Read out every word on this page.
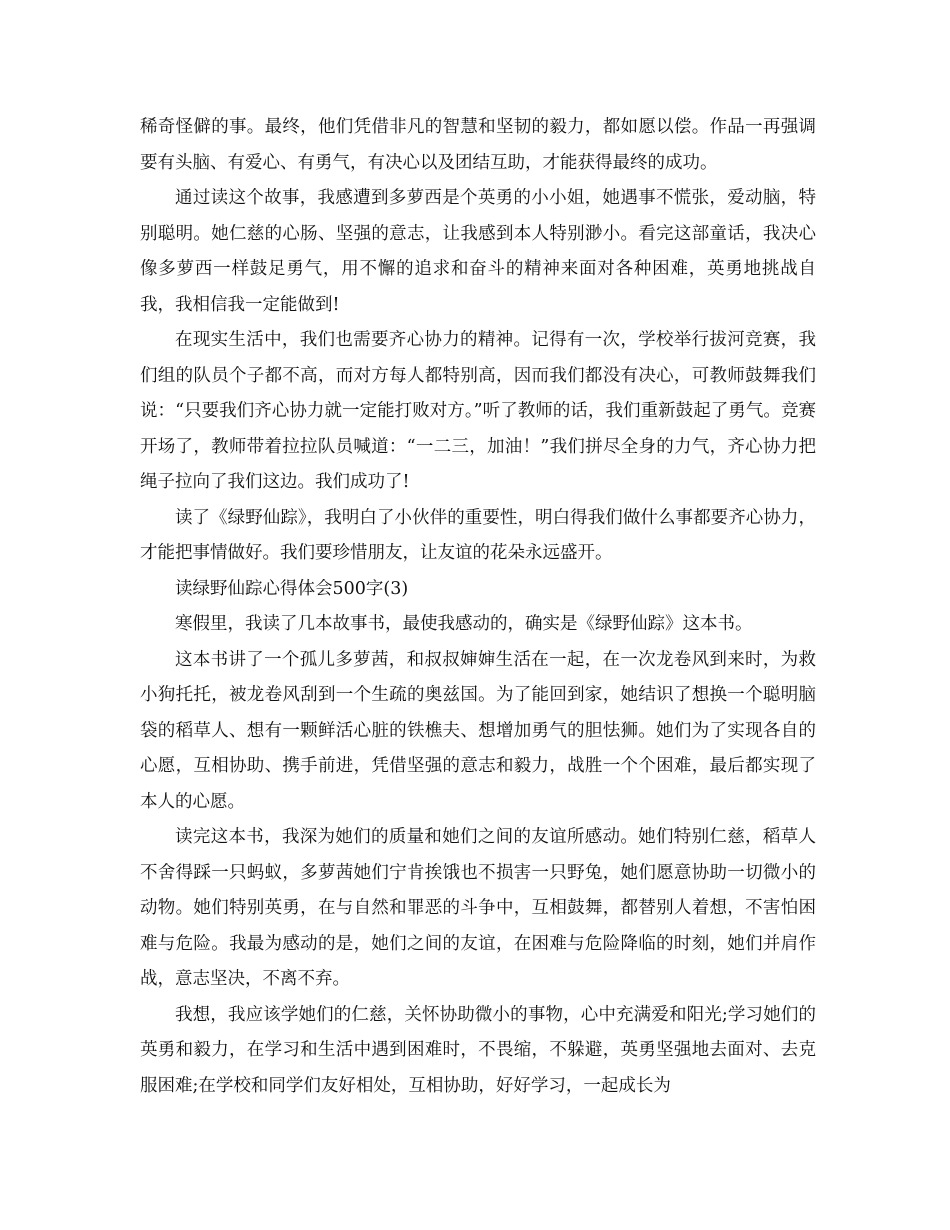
稀奇怪僻的事。最终，他们凭借非凡的智慧和坚韧的毅力，都如愿以偿。作品一再强调要有头脑、有爱心、有勇气，有决心以及团结互助，才能获得最终的成功。

通过读这个故事，我感遭到多萝西是个英勇的小小姐，她遇事不慌张，爱动脑，特别聪明。她仁慈的心肠、坚强的意志，让我感到本人特别渺小。看完这部童话，我决心像多萝西一样鼓足勇气，用不懈的追求和奋斗的精神来面对各种困难，英勇地挑战自我，我相信我一定能做到!

在现实生活中，我们也需要齐心协力的精神。记得有一次，学校举行拔河竞赛，我们组的队员个子都不高，而对方每人都特别高，因而我们都没有决心，可教师鼓舞我们说：“只要我们齐心协力就一定能打败对方。”听了教师的话，我们重新鼓起了勇气。竞赛开场了，教师带着拉拉队员喊道：“一二三，加油！”我们拼尽全身的力气，齐心协力把绳子拉向了我们这边。我们成功了!

读了《绿野仙踪》，我明白了小伙伴的重要性，明白得我们做什么事都要齐心协力，才能把事情做好。我们要珍惜朋友，让友谊的花朵永远盛开。

读绿野仙踪心得体会500字(3)

寒假里，我读了几本故事书，最使我感动的，确实是《绿野仙踪》这本书。

这本书讲了一个孤儿多萝茜，和叔叔婶婶生活在一起，在一次龙卷风到来时，为救小狗托托，被龙卷风刮到一个生疏的奥兹国。为了能回到家，她结识了想换一个聪明脑袋的稻草人、想有一颗鲜活心脏的铁樵夫、想增加勇气的胆怯狮。她们为了实现各自的心愿，互相协助、携手前进，凭借坚强的意志和毅力，战胜一个个困难，最后都实现了本人的心愿。

读完这本书，我深为她们的质量和她们之间的友谊所感动。她们特别仁慈，稻草人不舍得踩一只蚂蚁，多萝茜她们宁肯挨饿也不损害一只野兔，她们愿意协助一切微小的动物。她们特别英勇，在与自然和罪恶的斗争中，互相鼓舞，都替别人着想，不害怕困难与危险。我最为感动的是，她们之间的友谊，在困难与危险降临的时刻，她们并肩作战，意志坚决，不离不弃。

我想，我应该学她们的仁慈，关怀协助微小的事物，心中充满爱和阳光;学习她们的英勇和毅力，在学习和生活中遇到困难时，不畏缩，不躲避，英勇坚强地去面对、去克服困难;在学校和同学们友好相处，互相协助，好好学习，一起成长为
